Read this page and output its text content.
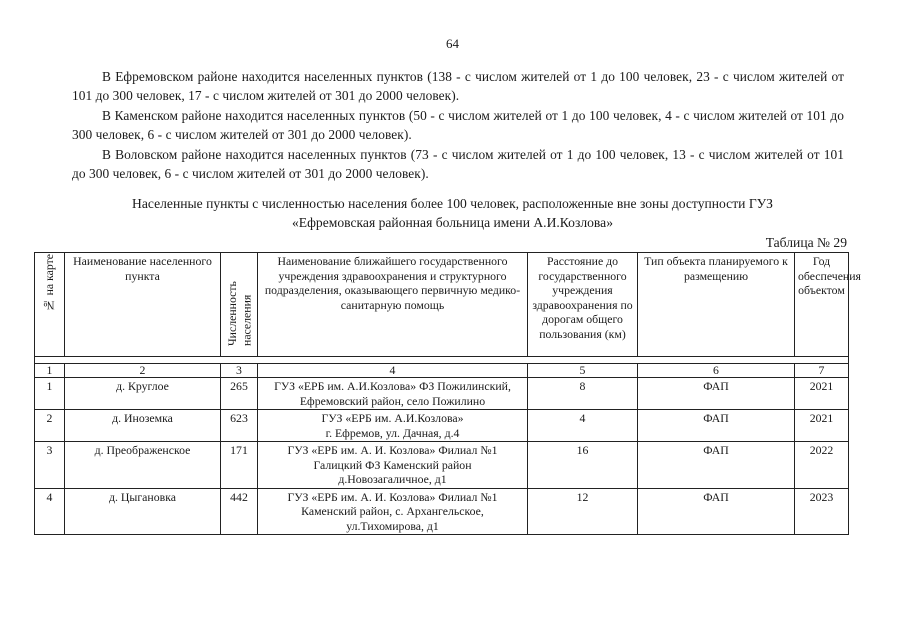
64

В Ефремовском районе находится населенных пунктов (138 - с числом жителей от 1 до 100 человек, 23 - с числом жителей от 101 до 300 человек, 17 - с числом жителей от 301 до 2000 человек).

В Каменском районе находится населенных пунктов (50 - с числом жителей от 1 до 100 человек, 4 - с числом жителей от 101 до 300 человек, 6 - с числом жителей от 301 до 2000 человек).

В Воловском районе находится населенных пунктов (73 - с числом жителей от 1 до 100 человек, 13 - с числом жителей от 101 до 300 человек, 6 - с числом жителей от 301 до 2000 человек).

Населенные пункты с численностью населения более 100 человек, расположенные вне зоны доступности ГУЗ
«Ефремовская районная больница имени А.И.Козлова»
Таблица № 29
№ на карте	Наименование населенного пункта	Численность населения	Наименование ближайшего государственного учреждения здравоохранения и структурного подразделения, оказывающего первичную медико-санитарную помощь	Расстояние до государственного учреждения здравоохранения по дорогам общего пользования (км)	Тип объекта планируемого к размещению	Год обеспечения объектом

1	2	3	4	5	6	7
1	д. Круглое	265	ГУЗ «ЕРБ им. А.И.Козлова» ФЗ Пожилинский,
Ефремовский район, село Пожилино	8	ФАП	2021
2	д. Иноземка	623	ГУЗ «ЕРБ им. А.И.Козлова»
г. Ефремов, ул. Дачная, д.4	4	ФАП	2021
3	д. Преображенское	171	ГУЗ «ЕРБ им. А. И. Козлова» Филиал №1
Галицкий ФЗ Каменский район
д.Новозагаличное, д1	16	ФАП	2022
4	д. Цыгановка	442	ГУЗ «ЕРБ им. А. И. Козлова» Филиал №1
Каменский район, с. Архангельское,
ул.Тихомирова, д1	12	ФАП	2023
